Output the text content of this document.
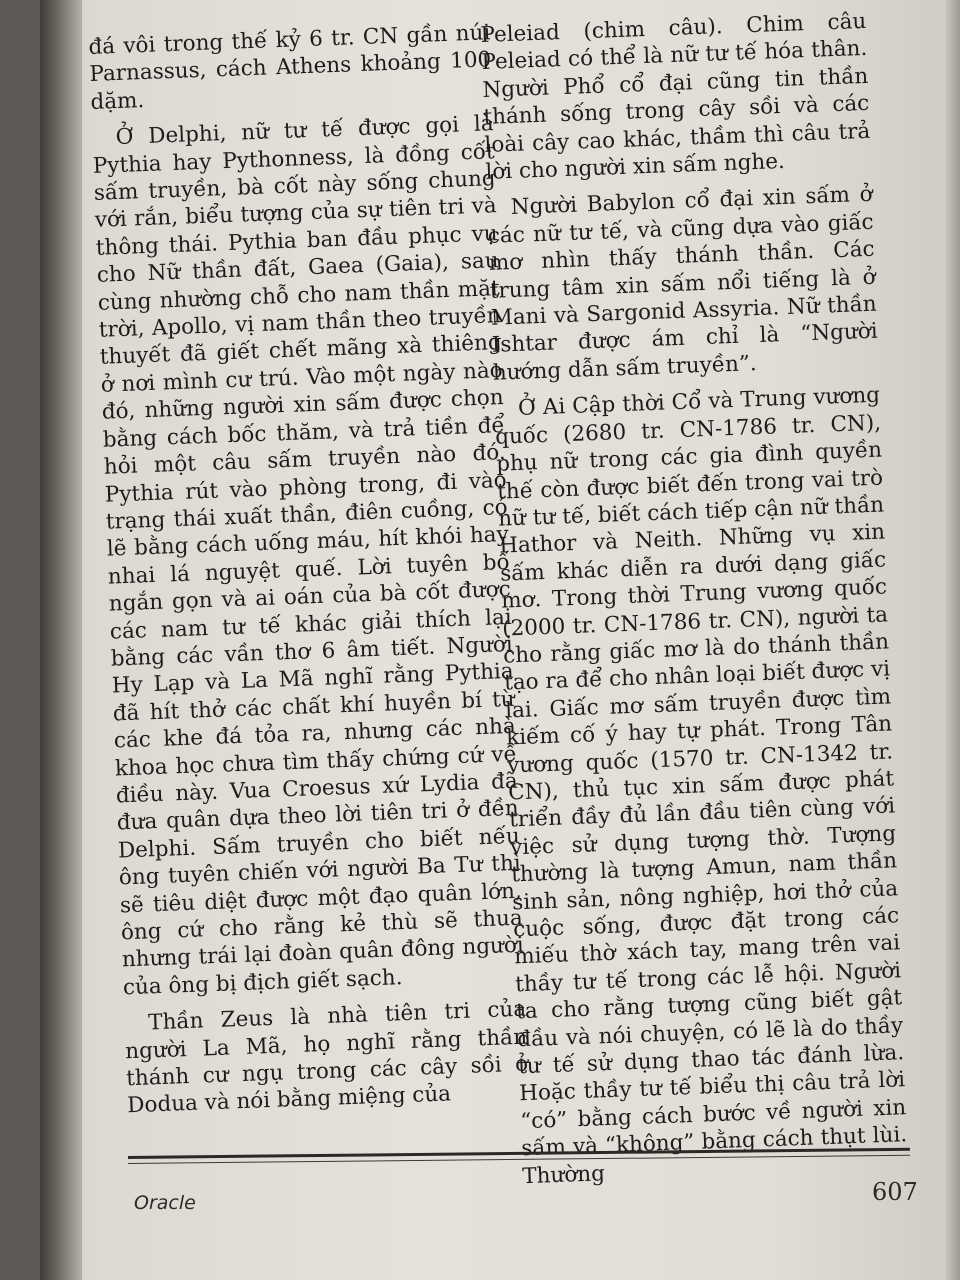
đá vôi trong thế kỷ 6 tr. CN gần núi Parnassus, cách Athens khoảng 100 dặm.

Ở Delphi, nữ tư tế được gọi là Pythia hay Pythonness, là đồng cốt sấm truyền, bà cốt này sống chung với rắn, biểu tượng của sự tiên tri và thông thái. Pythia ban đầu phục vụ cho Nữ thần đất, Gaea (Gaia), sau cùng nhường chỗ cho nam thần mặt trời, Apollo, vị nam thần theo truyền thuyết đã giết chết mãng xà thiêng ở nơi mình cư trú. Vào một ngày nào đó, những người xin sấm được chọn bằng cách bốc thăm, và trả tiền để hỏi một câu sấm truyền nào đó. Pythia rút vào phòng trong, đi vào trạng thái xuất thần, điên cuồng, có lẽ bằng cách uống máu, hít khói hay nhai lá nguyệt quế. Lời tuyên bố ngắn gọn và ai oán của bà cốt được các nam tư tế khác giải thích lại bằng các vần thơ 6 âm tiết. Người Hy Lạp và La Mã nghĩ rằng Pythia đã hít thở các chất khí huyền bí từ các khe đá tỏa ra, nhưng các nhà khoa học chưa tìm thấy chứng cứ về điều này. Vua Croesus xứ Lydia đã đưa quân dựa theo lời tiên tri ở đền Delphi. Sấm truyền cho biết nếu ông tuyên chiến với người Ba Tư thì sẽ tiêu diệt được một đạo quân lớn, ông cứ cho rằng kẻ thù sẽ thua nhưng trái lại đoàn quân đông người của ông bị địch giết sạch.

Thần Zeus là nhà tiên tri của người La Mã, họ nghĩ rằng thần thánh cư ngụ trong các cây sồi ở Dodua và nói bằng miệng của

Peleiad (chim câu). Chim câu Peleiad có thể là nữ tư tế hóa thân. Người Phổ cổ đại cũng tin thần thánh sống trong cây sồi và các loài cây cao khác, thầm thì câu trả lời cho người xin sấm nghe.

Người Babylon cổ đại xin sấm ở các nữ tư tế, và cũng dựa vào giấc mơ nhìn thấy thánh thần. Các trung tâm xin sấm nổi tiếng là ở Mani và Sargonid Assyria. Nữ thần Ishtar được ám chỉ là “Người hướng dẫn sấm truyền”.

Ở Ai Cập thời Cổ và Trung vương quốc (2680 tr. CN-1786 tr. CN), phụ nữ trong các gia đình quyền thế còn được biết đến trong vai trò nữ tư tế, biết cách tiếp cận nữ thần Hathor và Neith. Những vụ xin sấm khác diễn ra dưới dạng giấc mơ. Trong thời Trung vương quốc (2000 tr. CN-1786 tr. CN), người ta cho rằng giấc mơ là do thánh thần tạo ra để cho nhân loại biết được vị lai. Giấc mơ sấm truyền được tìm kiếm cố ý hay tự phát. Trong Tân vương quốc (1570 tr. CN-1342 tr. CN), thủ tục xin sấm được phát triển đầy đủ lần đầu tiên cùng với việc sử dụng tượng thờ. Tượng thường là tượng Amun, nam thần sinh sản, nông nghiệp, hơi thở của cuộc sống, được đặt trong các miếu thờ xách tay, mang trên vai thầy tư tế trong các lễ hội. Người ta cho rằng tượng cũng biết gật đầu và nói chuyện, có lẽ là do thầy tư tế sử dụng thao tác đánh lừa. Hoặc thầy tư tế biểu thị câu trả lời “có” bằng cách bước về người xin sấm và “không” bằng cách thụt lùi. Thường

Oracle	607
